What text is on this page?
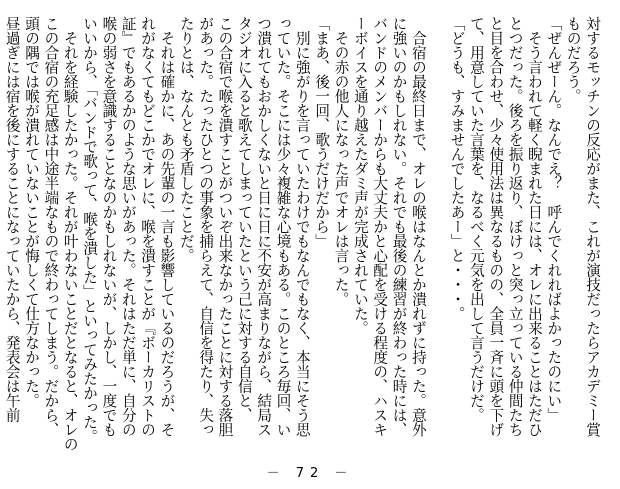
対するモッチンの反応がまた、これが演技だったらアカデミー賞
ものだろう。
「ぜんぜーん。なんでえ？　呼んでくれればよかったのにい」
　そう言われて軽く睨まれた日には、オレに出来ることはただひ
とつだった。後ろを振り返り、ぼけっと突っ立っている仲間たち
と目を合わせ、少々使用法は異なるものの、全員一斉に頭を下げ
て、用意していた言葉を、なるべく元気を出して言うだけだ。
「どうも、すみませんでしたあー」と・・・。
　合宿の最終日まで、オレの喉はなんとか潰れずに持った。意外
に強いのかもしれない。それでも最後の練習が終わった時には、
バンドのメンバーからも大丈夫かと心配を受ける程度の、ハスキ
ーボイスを通り越えたダミ声が完成されていた。
　その赤の他人になった声でオレは言った。
「まあ、後一回、歌うだけだから」
　別に強がりを言っていたわけでもなんでもなく、本当にそう思
っていた。そこには少々複雑な心境もある。このところ毎回、い
つ潰れてもおかしくないと日に日に不安が高まりながら、結局ス
タジオに入ると歌えてしまっていたという己に対する自信と、
この合宿で喉を潰すことがついぞ出来なかったことに対する落胆
があった。たったひとつの事象を捕らえて、自信を得たり、失っ
たりとは、なんとも矛盾したことだ。
　それは確かに、あの先輩の一言も影響しているのだろうが、そ
れがなくてもどこかでオレに、喉を潰すことが『ボーカリストの
証』でもあるかのような思いがあった。それはただ単に、自分の
喉の弱さを意識することなのかもしれないが、しかし、一度でも
いいから、「バンドで歌って、喉を潰した」といってみたかった。
　それを経験したかった。それが叶わないことだとなると、オレの
この合宿の充足感は中途半端なもので終わってしまう。だから、
頭の隅では喉が潰れていないことが悔しくて仕方なかった。
昼過ぎには宿を後にすることになっていたから、発表会は午前
－ 72 －
